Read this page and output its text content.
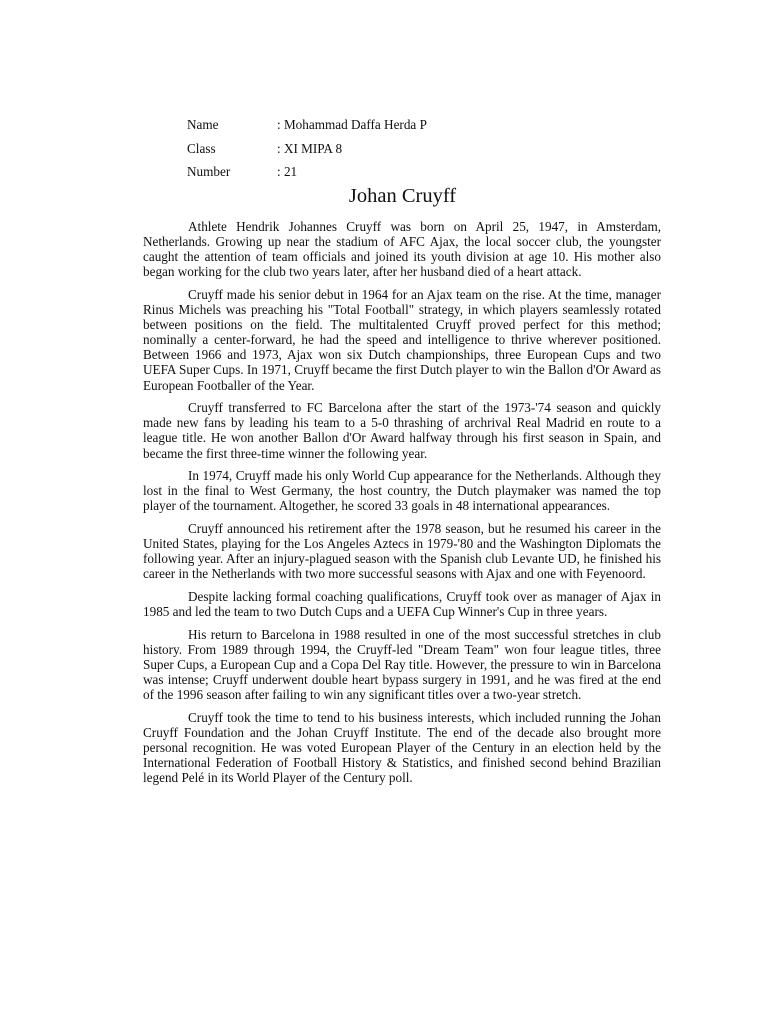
Name	: Mohammad Daffa Herda P
Class	: XI MIPA 8
Number	: 21
Johan Cruyff

Athlete Hendrik Johannes Cruyff was born on April 25, 1947, in Amsterdam, Netherlands. Growing up near the stadium of AFC Ajax, the local soccer club, the youngster caught the attention of team officials and joined its youth division at age 10. His mother also began working for the club two years later, after her husband died of a heart attack.

Cruyff made his senior debut in 1964 for an Ajax team on the rise. At the time, manager Rinus Michels was preaching his "Total Football" strategy, in which players seamlessly rotated between positions on the field. The multitalented Cruyff proved perfect for this method; nominally a center-forward, he had the speed and intelligence to thrive wherever positioned. Between 1966 and 1973, Ajax won six Dutch championships, three European Cups and two UEFA Super Cups. In 1971, Cruyff became the first Dutch player to win the Ballon d'Or Award as European Footballer of the Year.

Cruyff transferred to FC Barcelona after the start of the 1973-'74 season and quickly made new fans by leading his team to a 5-0 thrashing of archrival Real Madrid en route to a league title. He won another Ballon d'Or Award halfway through his first season in Spain, and became the first three-time winner the following year.

In 1974, Cruyff made his only World Cup appearance for the Netherlands. Although they lost in the final to West Germany, the host country, the Dutch playmaker was named the top player of the tournament. Altogether, he scored 33 goals in 48 international appearances.

Cruyff announced his retirement after the 1978 season, but he resumed his career in the United States, playing for the Los Angeles Aztecs in 1979-'80 and the Washington Diplomats the following year. After an injury-plagued season with the Spanish club Levante UD, he finished his career in the Netherlands with two more successful seasons with Ajax and one with Feyenoord.

Despite lacking formal coaching qualifications, Cruyff took over as manager of Ajax in 1985 and led the team to two Dutch Cups and a UEFA Cup Winner's Cup in three years.

His return to Barcelona in 1988 resulted in one of the most successful stretches in club history. From 1989 through 1994, the Cruyff-led "Dream Team" won four league titles, three Super Cups, a European Cup and a Copa Del Ray title. However, the pressure to win in Barcelona was intense; Cruyff underwent double heart bypass surgery in 1991, and he was fired at the end of the 1996 season after failing to win any significant titles over a two-year stretch.

Cruyff took the time to tend to his business interests, which included running the Johan Cruyff Foundation and the Johan Cruyff Institute. The end of the decade also brought more personal recognition. He was voted European Player of the Century in an election held by the International Federation of Football History & Statistics, and finished second behind Brazilian legend Pelé in its World Player of the Century poll.
